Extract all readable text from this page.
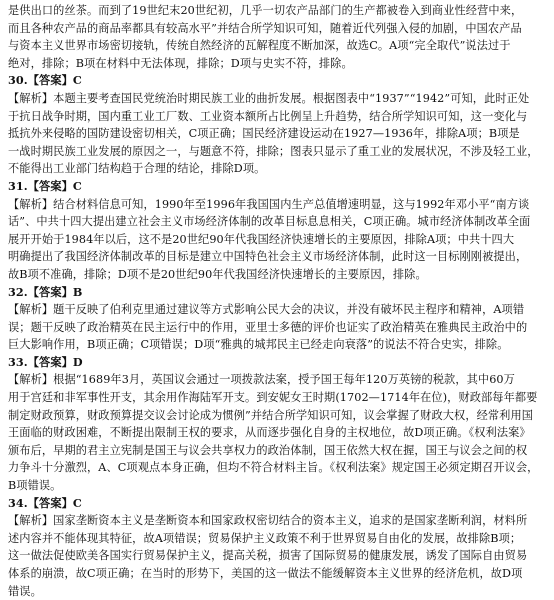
是供出口的丝茶。而到了19世纪末20世纪初，几乎一切农产品部门的生产都被卷入到商业性经营中来，
而且各种农产品的商品率都具有较高水平”并结合所学知识可知，随着近代列强入侵的加剧，中国农产品
与资本主义世界市场密切接轨，传统自然经济的瓦解程度不断加深，故选C。A项“完全取代”说法过于
绝对，排除；B项在材料中无法体现，排除；D项与史实不符，排除。
30.【答案】C
【解析】本题主要考查国民党统治时期民族工业的曲折发展。根据图表中“1937”“1942”可知，此时正处
于抗日战争时期，国内重工业工厂数、工业资本额所占比例呈上升趋势，结合所学知识可知，这一变化与
抵抗外来侵略的国防建设密切相关，C项正确；国民经济建设运动在1927—1936年，排除A项；B项是
一战时期民族工业发展的原因之一，与题意不符，排除；图表只显示了重工业的发展状况，不涉及轻工业，
不能得出工业部门结构趋于合理的结论，排除D项。
31.【答案】C
【解析】结合材料信息可知，1990年至1996年我国国内生产总值增速明显，这与1992年邓小平“南方谈
话”、中共十四大提出建立社会主义市场经济体制的改革目标息息相关，C项正确。城市经济体制改革全面
展开开始于1984年以后，这不是20世纪90年代我国经济快速增长的主要原因，排除A项；中共十四大
明确提出了我国经济体制改革的目标是建立中国特色社会主义市场经济体制，此时这一目标刚刚被提出，
故B项不准确，排除；D项不是20世纪90年代我国经济快速增长的主要原因，排除。
32.【答案】B
【解析】题干反映了伯利克里通过建议等方式影响公民大会的决议，并没有破坏民主程序和精神，A项错
误；题干反映了政治精英在民主运行中的作用，亚里士多德的评价也证实了政治精英在雅典民主政治中的
巨大影响作用，B项正确；C项错误；D项“雅典的城邦民主已经走向衰落”的说法不符合史实，排除。
33.【答案】D
【解析】根据“1689年3月，英国议会通过一项拨款法案，授予国王每年120万英镑的税款，其中60万
用于宫廷和非军事性开支，其余用作海陆军开支。到安妮女王时期(1702—1714年在位)，财政部每年都要
制定财政预算，财政预算提交议会讨论成为惯例”并结合所学知识可知，议会掌握了财政大权，经常利用国
王面临的财政困难，不断提出限制王权的要求，从而逐步强化自身的主权地位，故D项正确。《权利法案》
颁布后，早期的君主立宪制是国王与议会共享权力的政治体制，国王依然大权在握，国王与议会之间的权
力争斗十分激烈，A、C项观点本身正确，但均不符合材料主旨。《权利法案》规定国王必须定期召开议会，
B项错误。
34.【答案】C
【解析】国家垄断资本主义是垄断资本和国家政权密切结合的资本主义，追求的是国家垄断利润，材料所
述内容并不能体现其特征，故A项错误；贸易保护主义政策不利于世界贸易自由化的发展，故排除B项；
这一做法促使欧美各国实行贸易保护主义，提高关税，损害了国际贸易的健康发展，诱发了国际自由贸易
体系的崩溃，故C项正确；在当时的形势下，美国的这一做法不能缓解资本主义世界的经济危机，故D项
错误。
